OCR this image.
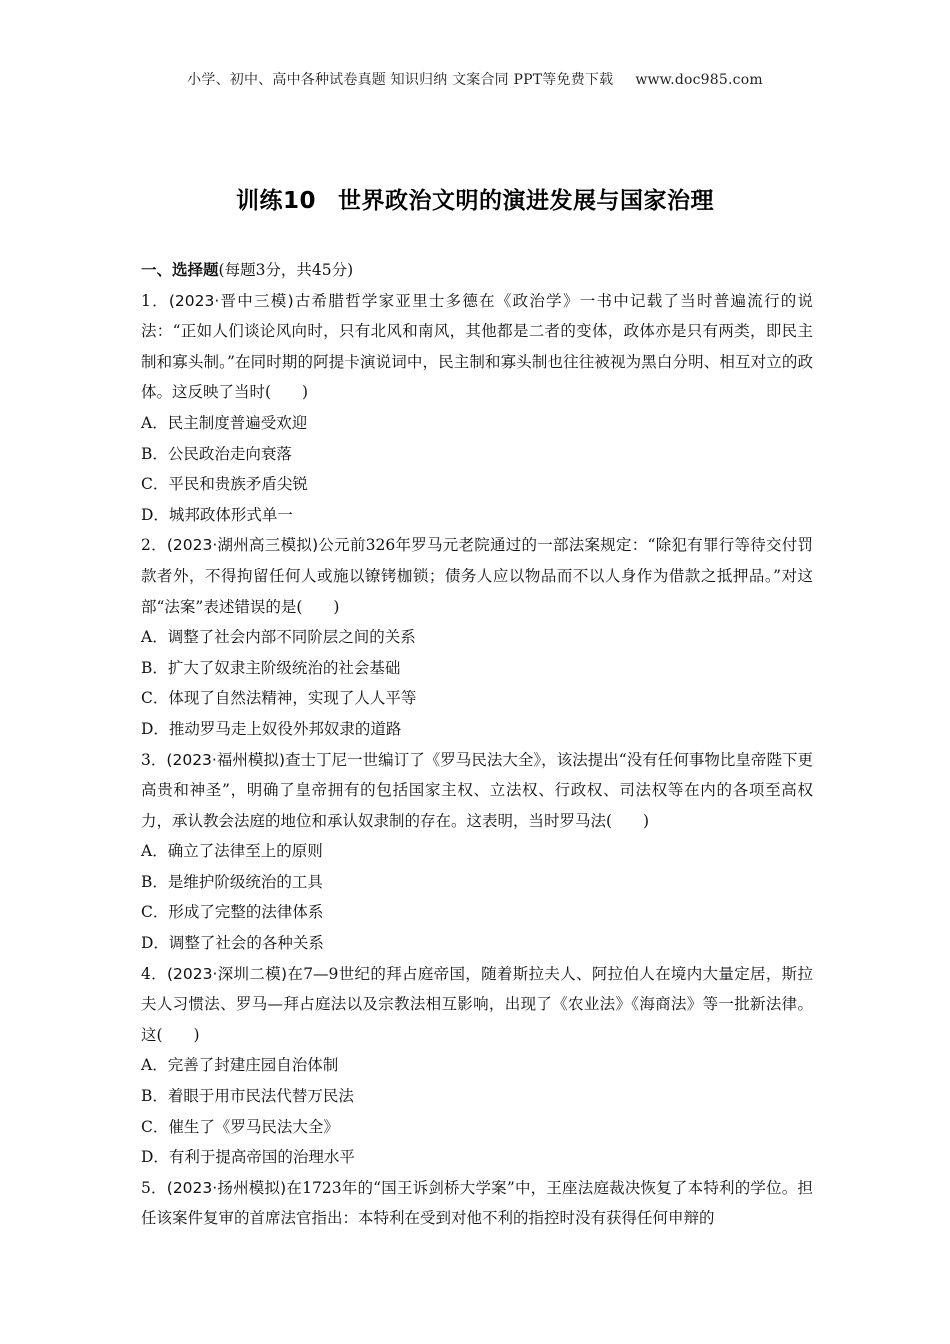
小学、初中、高中各种试卷真题 知识归纳 文案合同 PPT等免费下载 www.doc985.com
训练10 世界政治文明的演进发展与国家治理

一、选择题(每题3分，共45分)

1．(2023·晋中三模)古希腊哲学家亚里士多德在《政治学》一书中记载了当时普遍流行的说法：“正如人们谈论风向时，只有北风和南风，其他都是二者的变体，政体亦是只有两类，即民主制和寡头制。”在同时期的阿提卡演说词中，民主制和寡头制也往往被视为黑白分明、相互对立的政体。这反映了当时(　　)

A．民主制度普遍受欢迎

B．公民政治走向衰落

C．平民和贵族矛盾尖锐

D．城邦政体形式单一

2．(2023·湖州高三模拟)公元前326年罗马元老院通过的一部法案规定：“除犯有罪行等待交付罚款者外，不得拘留任何人或施以镣铐枷锁；债务人应以物品而不以人身作为借款之抵押品。”对这部“法案”表述错误的是(　　)

A．调整了社会内部不同阶层之间的关系

B．扩大了奴隶主阶级统治的社会基础

C．体现了自然法精神，实现了人人平等

D．推动罗马走上奴役外邦奴隶的道路

3．(2023·福州模拟)查士丁尼一世编订了《罗马民法大全》，该法提出“没有任何事物比皇帝陛下更高贵和神圣”，明确了皇帝拥有的包括国家主权、立法权、行政权、司法权等在内的各项至高权力，承认教会法庭的地位和承认奴隶制的存在。这表明，当时罗马法(　　)

A．确立了法律至上的原则

B．是维护阶级统治的工具

C．形成了完整的法律体系

D．调整了社会的各种关系

4．(2023·深圳二模)在7—9世纪的拜占庭帝国，随着斯拉夫人、阿拉伯人在境内大量定居，斯拉夫人习惯法、罗马—拜占庭法以及宗教法相互影响，出现了《农业法》《海商法》等一批新法律。这(　　)

A．完善了封建庄园自治体制

B．着眼于用市民法代替万民法

C．催生了《罗马民法大全》

D．有利于提高帝国的治理水平

5．(2023·扬州模拟)在1723年的“国王诉剑桥大学案”中，王座法庭裁决恢复了本特利的学位。担任该案件复审的首席法官指出：本特利在受到对他不利的指控时没有获得任何申辩的
